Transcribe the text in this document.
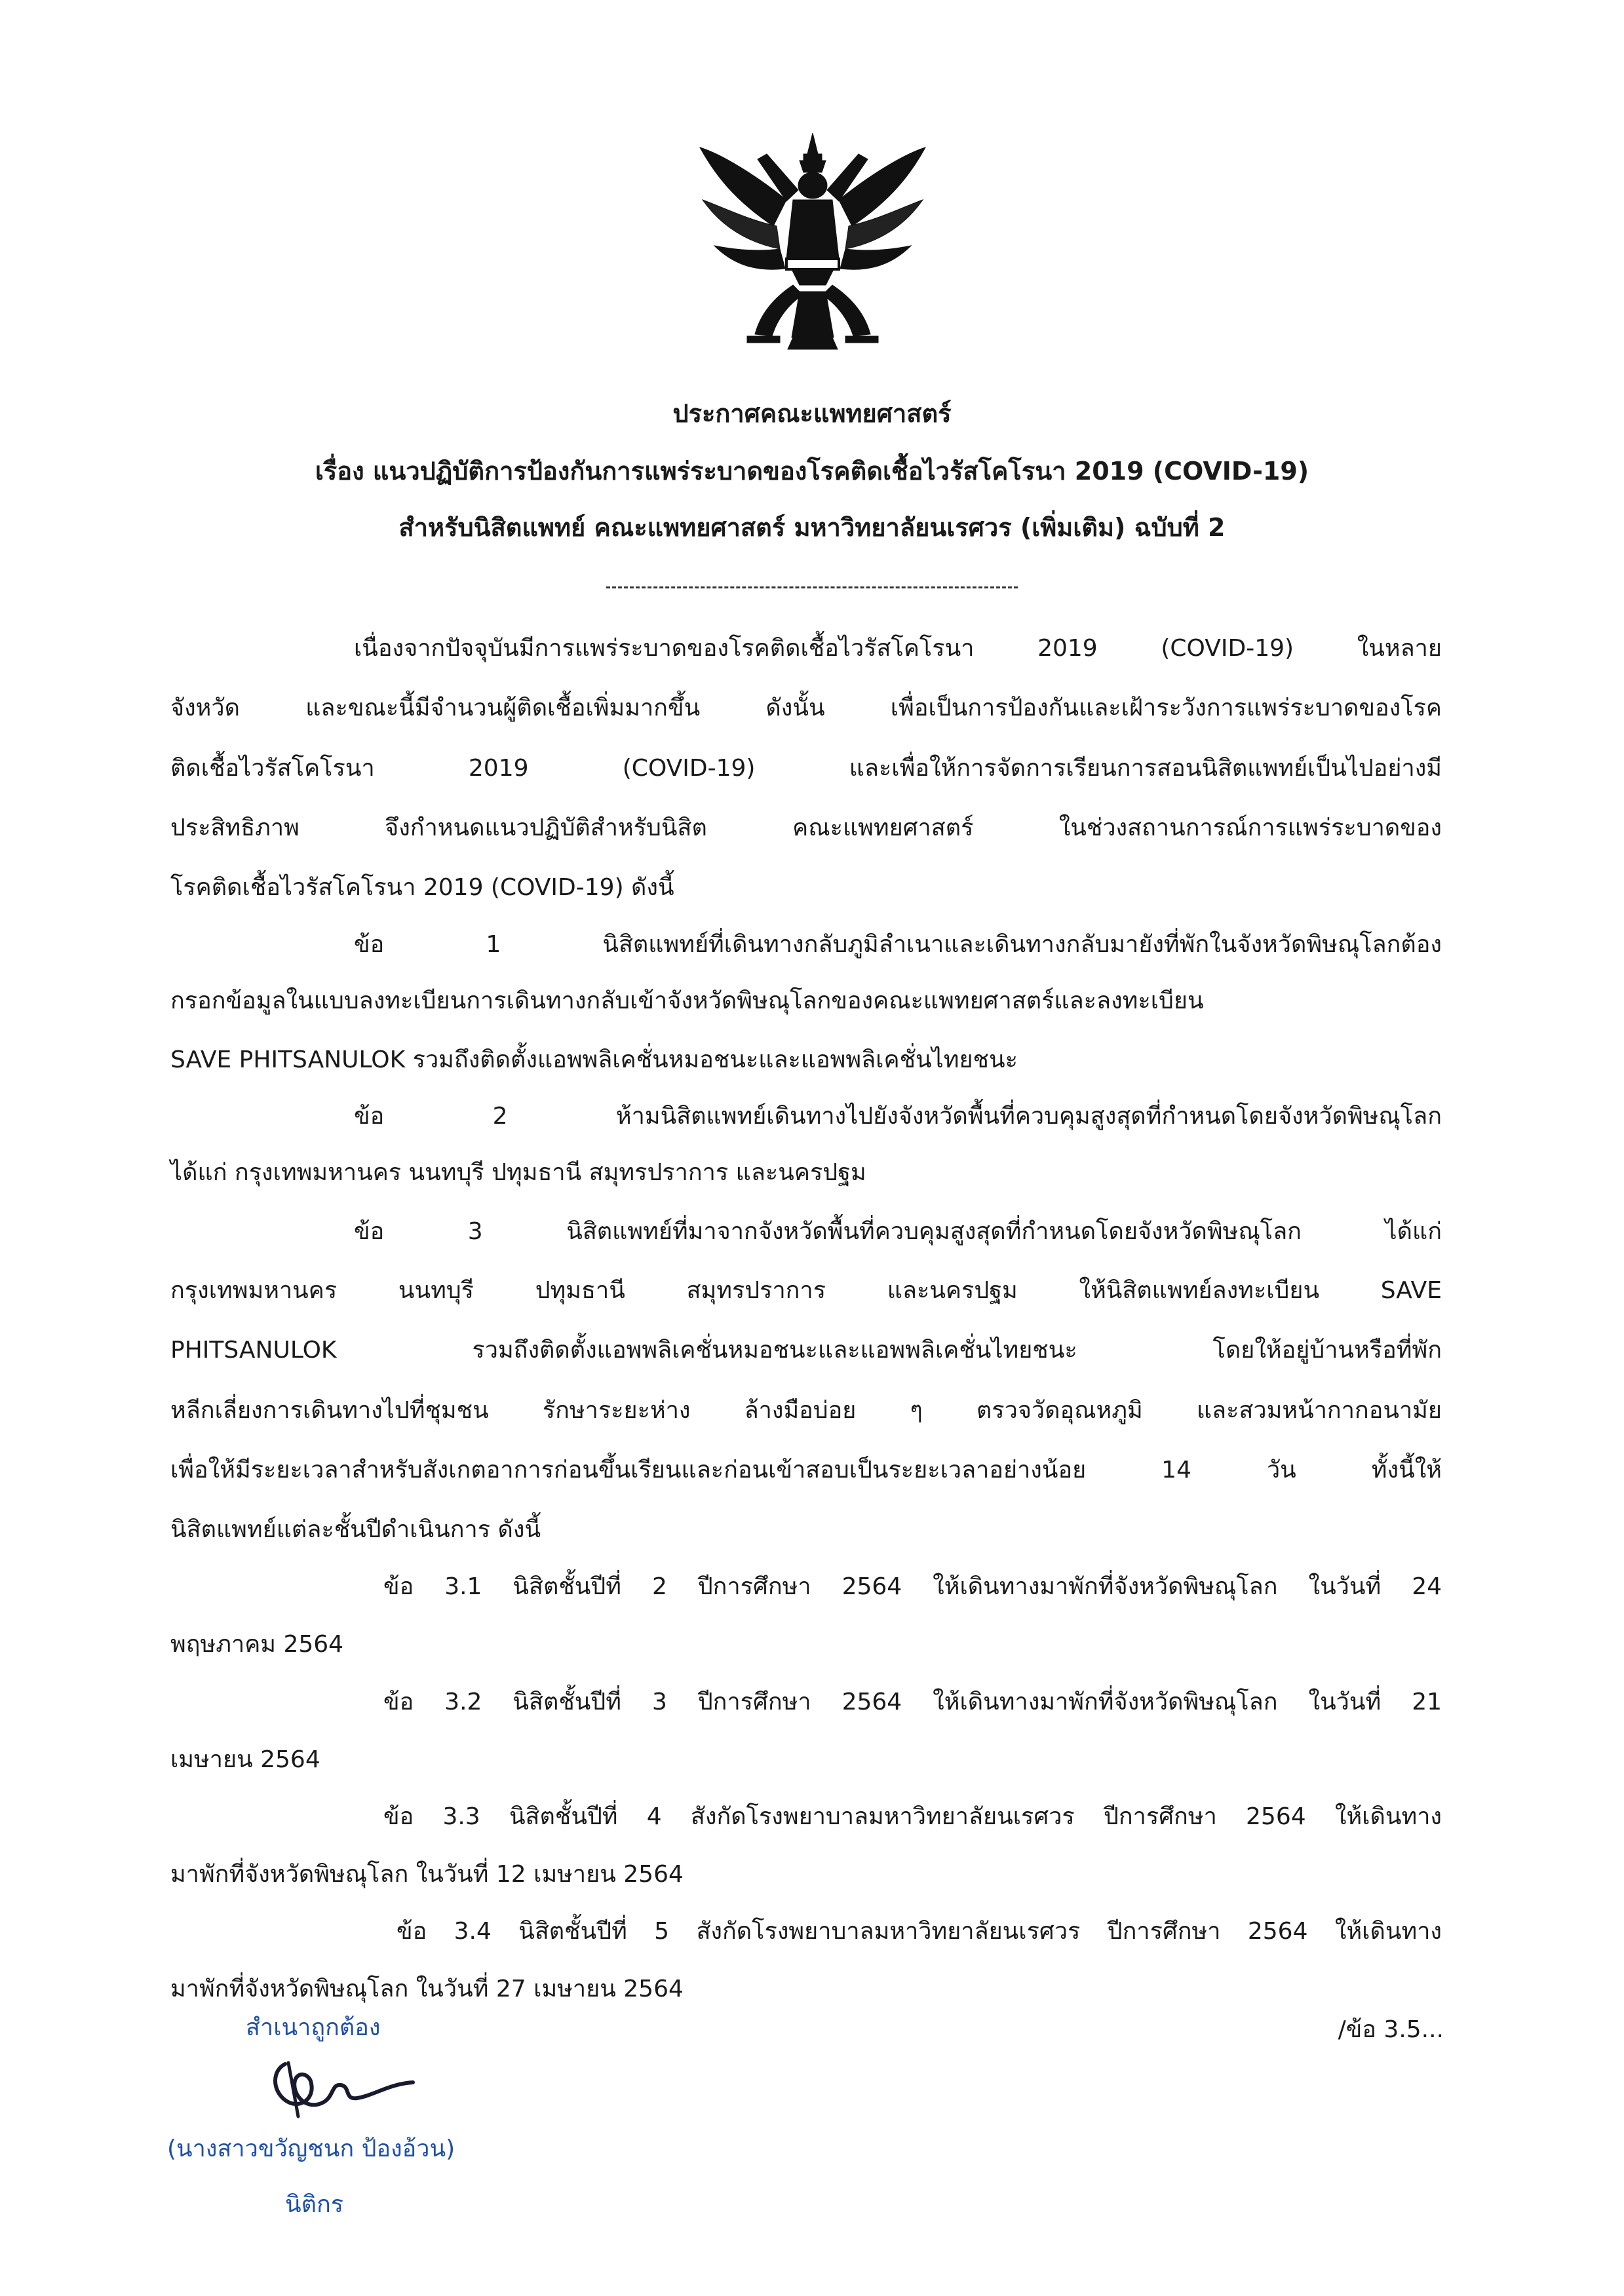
ประกาศคณะแพทยศาสตร์
เรื่อง แนวปฏิบัติการป้องกันการแพร่ระบาดของโรคติดเชื้อไวรัสโคโรนา 2019 (COVID-19)
สำหรับนิสิตแพทย์ คณะแพทยศาสตร์ มหาวิทยาลัยนเรศวร (เพิ่มเติม) ฉบับที่ 2
เนื่องจากปัจจุบันมีการแพร่ระบาดของโรคติดเชื้อไวรัสโคโรนา 2019 (COVID-19) ในหลาย
จังหวัด และขณะนี้มีจำนวนผู้ติดเชื้อเพิ่มมากขึ้น ดังนั้น เพื่อเป็นการป้องกันและเฝ้าระวังการแพร่ระบาดของโรค
ติดเชื้อไวรัสโคโรนา 2019 (COVID-19) และเพื่อให้การจัดการเรียนการสอนนิสิตแพทย์เป็นไปอย่างมี
ประสิทธิภาพ จึงกำหนดแนวปฏิบัติสำหรับนิสิต คณะแพทยศาสตร์ ในช่วงสถานการณ์การแพร่ระบาดของ
โรคติดเชื้อไวรัสโคโรนา 2019 (COVID-19) ดังนี้
ข้อ 1 นิสิตแพทย์ที่เดินทางกลับภูมิลำเนาและเดินทางกลับมายังที่พักในจังหวัดพิษณุโลกต้อง
กรอกข้อมูลในแบบลงทะเบียนการเดินทางกลับเข้าจังหวัดพิษณุโลกของคณะแพทยศาสตร์และลงทะเบียน
SAVE PHITSANULOK รวมถึงติดตั้งแอพพลิเคชั่นหมอชนะและแอพพลิเคชั่นไทยชนะ
ข้อ 2 ห้ามนิสิตแพทย์เดินทางไปยังจังหวัดพื้นที่ควบคุมสูงสุดที่กำหนดโดยจังหวัดพิษณุโลก
ได้แก่ กรุงเทพมหานคร นนทบุรี ปทุมธานี สมุทรปราการ และนครปฐม
ข้อ 3 นิสิตแพทย์ที่มาจากจังหวัดพื้นที่ควบคุมสูงสุดที่กำหนดโดยจังหวัดพิษณุโลก ได้แก่
กรุงเทพมหานคร นนทบุรี ปทุมธานี สมุทรปราการ และนครปฐม ให้นิสิตแพทย์ลงทะเบียน SAVE
PHITSANULOK รวมถึงติดตั้งแอพพลิเคชั่นหมอชนะและแอพพลิเคชั่นไทยชนะ โดยให้อยู่บ้านหรือที่พัก
หลีกเลี่ยงการเดินทางไปที่ชุมชน รักษาระยะห่าง ล้างมือบ่อย ๆ ตรวจวัดอุณหภูมิ และสวมหน้ากากอนามัย
เพื่อให้มีระยะเวลาสำหรับสังเกตอาการก่อนขึ้นเรียนและก่อนเข้าสอบเป็นระยะเวลาอย่างน้อย 14 วัน ทั้งนี้ให้
นิสิตแพทย์แต่ละชั้นปีดำเนินการ ดังนี้
ข้อ 3.1 นิสิตชั้นปีที่ 2 ปีการศึกษา 2564 ให้เดินทางมาพักที่จังหวัดพิษณุโลก ในวันที่ 24
พฤษภาคม 2564
ข้อ 3.2 นิสิตชั้นปีที่ 3 ปีการศึกษา 2564 ให้เดินทางมาพักที่จังหวัดพิษณุโลก ในวันที่ 21
เมษายน 2564
ข้อ 3.3 นิสิตชั้นปีที่ 4 สังกัดโรงพยาบาลมหาวิทยาลัยนเรศวร ปีการศึกษา 2564 ให้เดินทาง
มาพักที่จังหวัดพิษณุโลก ในวันที่ 12 เมษายน 2564
ข้อ 3.4 นิสิตชั้นปีที่ 5 สังกัดโรงพยาบาลมหาวิทยาลัยนเรศวร ปีการศึกษา 2564 ให้เดินทาง
มาพักที่จังหวัดพิษณุโลก ในวันที่ 27 เมษายน 2564
/ข้อ 3.5...
สำเนาถูกต้อง
(นางสาวขวัญชนก ป้องอ้วน)
นิติกร
